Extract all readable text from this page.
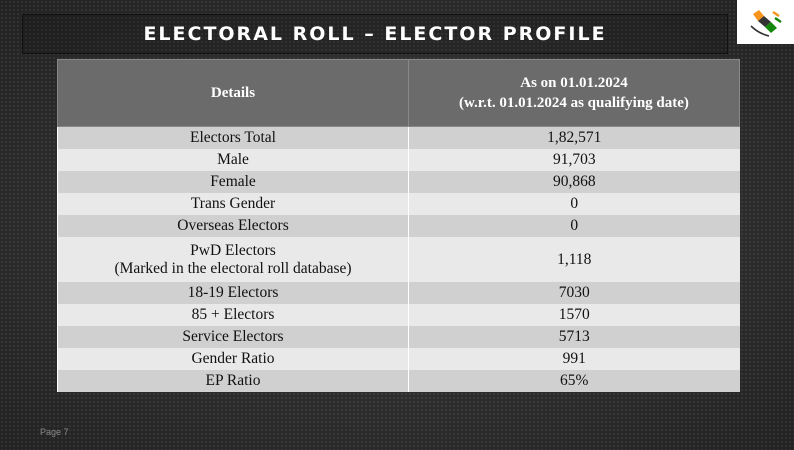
ELECTORAL ROLL – ELECTOR PROFILE
Details	As on 01.01.2024
(w.r.t. 01.01.2024 as qualifying date)

Electors Total	1,82,571
Male	91,703
Female	90,868
Trans Gender	0
Overseas Electors	0

PwD Electors
(Marked in the electoral roll database)	1,118
18-19 Electors	7030
85 + Electors	1570
Service Electors	5713
Gender Ratio	991
EP Ratio	65%
Page 7
